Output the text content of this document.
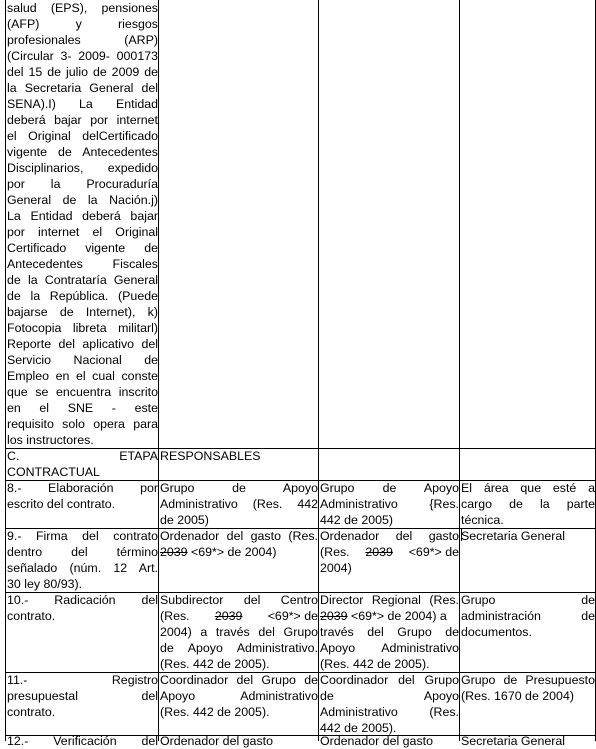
salud (EPS), pensiones
(AFP) y riesgos
profesionales (ARP)
(Circular 3- 2009- 000173
del 15 de julio de 2009 de
la Secretaria General del
SENA).I) La Entidad
deberá bajar por internet
el Original delCertificado
vigente de Antecedentes
Disciplinarios, expedido
por la Procuraduría
General de la Nación.j)
La Entidad deberá bajar
por internet el Original
Certificado vigente de
Antecedentes Fiscales
de la Contrataría General
de la República. (Puede
bajarse de Internet), k)
Fotocopia libreta militarl)
Reporte del aplicativo del
Servicio Nacional de
Empleo en el cual conste
que se encuentra inscrito
en el SNE - este
requisito solo opera para
los instructores.
C. ETAPA
CONTRACTUAL
RESPONSABLES
8.- Elaboración por
escrito del contrato.
Grupo de Apoyo
Administrativo (Res. 442
de 2005)
Grupo de Apoyo
Administrativo {Res.
442 de 2005)
El área que esté a
cargo de la parte
técnica.
9.- Firma del contrato
dentro del término
señalado (núm. 12 Art.
30 ley 80/93).
Ordenador del gasto (Res.
2039 <69*> de 2004)
Ordenador del gasto
(Res. 2039 <69*> de
2004)
Secretaria General
10.- Radicación del
contrato.
Subdirector del Centro
(Res. 2039 <69*> de
2004) a través del Grupo
de Apoyo Administrativo.
(Res. 442 de 2005).
Director Regional (Res.
2039 <69*> de 2004) a
través del Grupo de
Apoyo Administrativo
(Res. 442 de 2005).
Grupo de
administración de
documentos.
11.- Registro
presupuestal del
contrato.
Coordinador del Grupo de
Apoyo Administrativo
(Res. 442 de 2005).
Coordinador del Grupo
de Apoyo
Administrativo (Res.
442 de 2005).
Grupo de Presupuesto
(Res. 1670 de 2004)
12.- Verificación del Ordenador del gasto	Ordenador del gasto	Secretaria General
